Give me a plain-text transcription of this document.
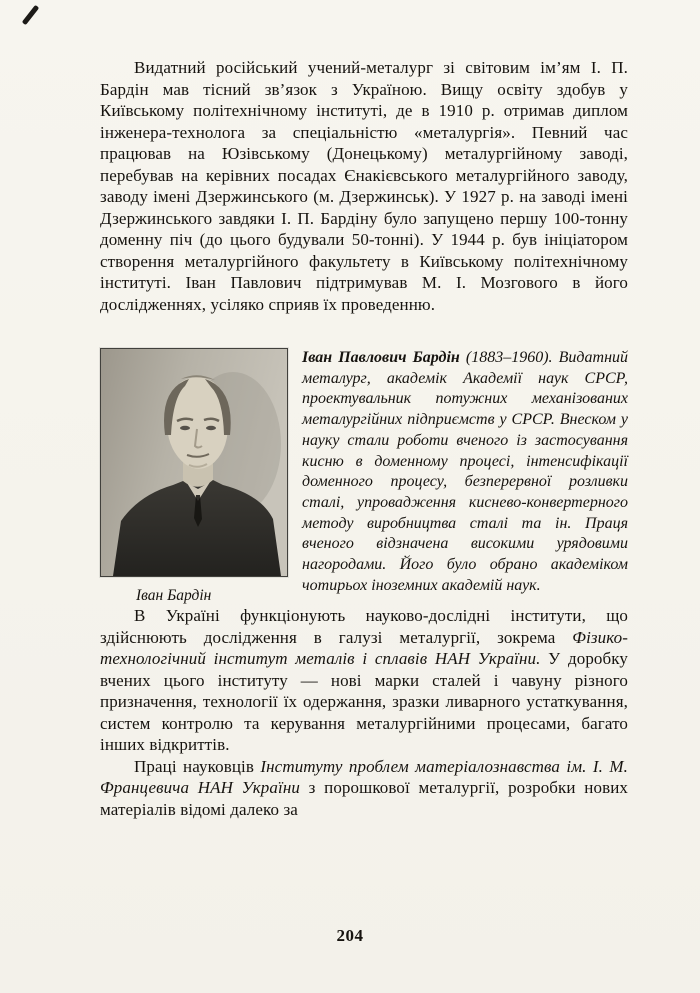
Видатний російський учений-металург зі світовим ім’ям І. П. Бардін мав тісний зв’язок з Україною. Вищу освіту здобув у Київському політехнічному інституті, де в 1910 р. отримав диплом інженера-технолога за спеціальністю «металургія». Певний час працював на Юзівському (Донецькому) металургійному заводі, перебував на керівних посадах Єнакієвського металургійного заводу, заводу імені Дзержинського (м. Дзержинськ). У 1927 р. на заводі імені Дзержинського завдяки І. П. Бардіну було запущено першу 100-тонну доменну піч (до цього будували 50-тонні). У 1944 р. був ініціатором створення металургійного факультету в Київському політехнічному інституті. Іван Павлович підтримував М. І. Мозгового в його дослідженнях, усіляко сприяв їх проведенню.

Іван Бардін
Іван Павлович Бардін (1883–1960). Видатний металург, академік Академії наук СРСР, проектувальник потужних механізованих металургійних підприємств у СРСР. Внеском у науку стали роботи вченого із застосування кисню в доменному процесі, інтенсифікації доменного процесу, безперервної розливки сталі, упровадження киснево-конвертерного методу виробництва сталі та ін. Праця вченого відзначена високими урядовими нагородами. Його було обрано академіком чотирьох іноземних академій наук.

В Україні функціонують науково-дослідні інститути, що здійснюють дослідження в галузі металургії, зокрема Фізико-технологічний інститут металів і сплавів НАН України. У доробку вчених цього інституту — нові марки сталей і чавуну різного призначення, технології їх одержання, зразки ливарного устаткування, систем контролю та керування металургійними процесами, багато інших відкриттів.

Праці науковців Інституту проблем матеріалознавства ім. І. М. Францевича НАН України з порошкової металургії, розробки нових матеріалів відомі далеко за

204
